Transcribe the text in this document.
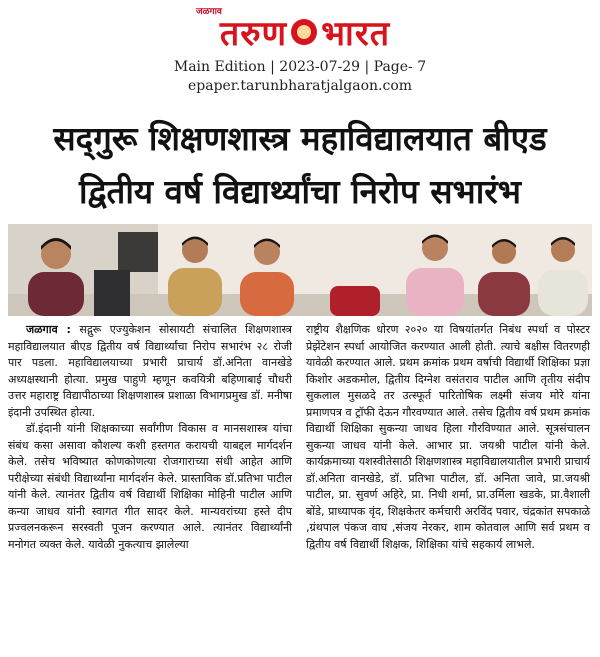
जळगाव
तरुण भारत
Main Edition | 2023-07-29 | Page- 7
epaper.tarunbharatjalgaon.com
सद्‌गुरू शिक्षणशास्त्र महाविद्यालयात बीएड
द्वितीय वर्ष विद्यार्थ्यांचा निरोप सभारंभ

जळगाव : सद्गुरू एज्युकेशन सोसायटी संचालित शिक्षणशास्त्र महाविद्यालयात बीएड द्वितीय वर्ष विद्यार्थ्यांचा निरोप सभारंभ २८ रोजी पार पडला. महाविद्यालयाच्या प्रभारी प्राचार्य डॉ.अनिता वानखेडे अध्यक्षस्थानी होत्या. प्रमुख पाहुणे म्हणून कवयित्री बहिणाबाई चौधरी उत्तर महाराष्ट्र विद्यापीठाच्या शिक्षणशास्त्र प्रशाळा विभागप्रमुख डॉ. मनीषा इंदानी उपस्थित होत्या.

डॉ.इंदानी यांनी शिक्षकाच्या सर्वांगीण विकास व मानसशास्त्र यांचा संबंध कसा असावा कौशल्य कशी हस्तगत करायची याबद्दल मार्गदर्शन केले. तसेच भविष्यात कोणकोणत्या रोजगाराच्या संधी आहेत आणि परीक्षेच्या संबंधी विद्यार्थ्यांना मार्गदर्शन केले. प्रास्ताविक डॉ.प्रतिभा पाटील यांनी केले. त्यानंतर द्वितीय वर्ष विद्यार्थी शिक्षिका मोहिनी पाटील आणि कन्या जाधव यांनी स्वागत गीत सादर केले. मान्यवरांच्या हस्ते दीप प्रज्वलनकरून सरस्वती पूजन करण्यात आले. त्यानंतर विद्यार्थ्यांनी मनोगत व्यक्त केले. यावेळी नुकत्याच झालेल्या

राष्ट्रीय शैक्षणिक धोरण २०२० या विषयांतर्गत निबंध स्पर्धा व पोस्टर प्रेझेंटेशन स्पर्धा आयोजित करण्यात आली होती. त्याचे बक्षीस वितरणही यावेळी करण्यात आले. प्रथम क्रमांक प्रथम वर्षाची विद्यार्थी शिक्षिका प्रज्ञा किशोर अडकमोल, द्वितीय दिग्नेश वसंतराव पाटील आणि तृतीय संदीप सुकलाल मुसळदे तर उत्स्फूर्त पारितोषिक लक्ष्मी संजय मोरे यांना प्रमाणपत्र व ट्रॉफी देऊन गौरवण्यात आले. तसेच द्वितीय वर्ष प्रथम क्रमांक विद्यार्थी शिक्षिका सुकन्या जाधव हिला गौरविण्यात आले. सूत्रसंचालन सुकन्या जाधव यांनी केले. आभार प्रा. जयश्री पाटील यांनी केले. कार्यक्रमाच्या यशस्वीतेसाठी शिक्षणशास्त्र महाविद्यालयातील प्रभारी प्राचार्य डॉ.अनिता वानखेडे, डॉ. प्रतिभा पाटील, डॉ. अनिता जावे, प्रा.जयश्री पाटील, प्रा. सुवर्ण अहिरे, प्रा. निधी शर्मा, प्रा.उर्मिला खडके, प्रा.वैशाली बोंडे, प्राध्यापक वृंद, शिक्षकेतर कर्मचारी अरविंद पवार, चंद्रकांत सपकाळे ,ग्रंथपाल पंकज वाघ ,संजय नेरकर, शाम कोतवाल आणि सर्व प्रथम व द्वितीय वर्ष विद्यार्थी शिक्षक, शिक्षिका यांचे सहकार्य लाभले.
